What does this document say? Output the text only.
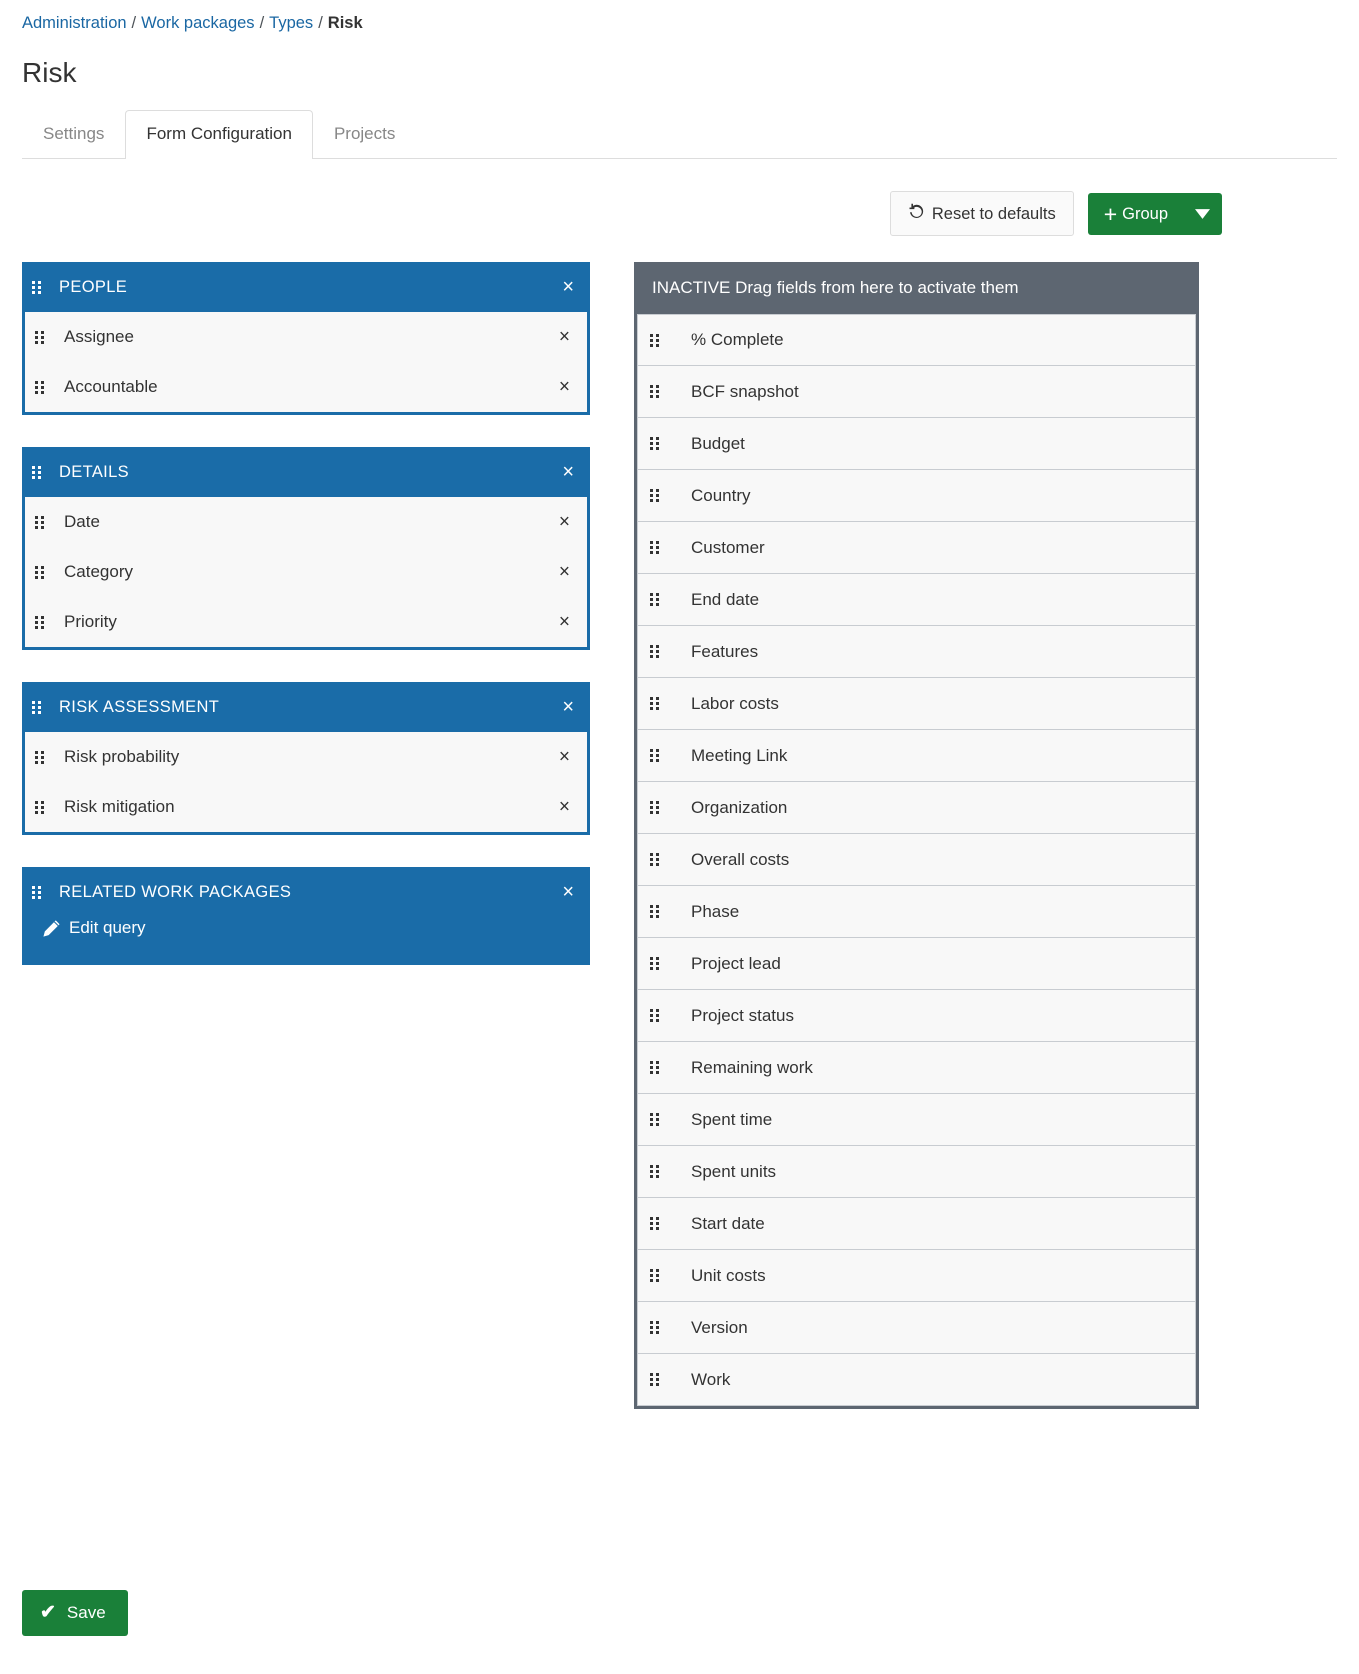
Administration / Work packages / Types / Risk
Risk
Settings	Form Configuration	Projects
Reset to defaults + Group
PEOPLE	×
Assignee	×
Accountable	×
DETAILS	×
Date	×
Category	×
Priority	×
RISK ASSESSMENT	×
Risk probability	×
Risk mitigation	×
RELATED WORK PACKAGES	×
Edit query
INACTIVE Drag fields from here to activate them
% Complete
BCF snapshot
Budget
Country
Customer
End date
Features
Labor costs
Meeting Link
Organization
Overall costs
Phase
Project lead
Project status
Remaining work
Spent time
Spent units
Start date
Unit costs
Version
Work
✔ Save
